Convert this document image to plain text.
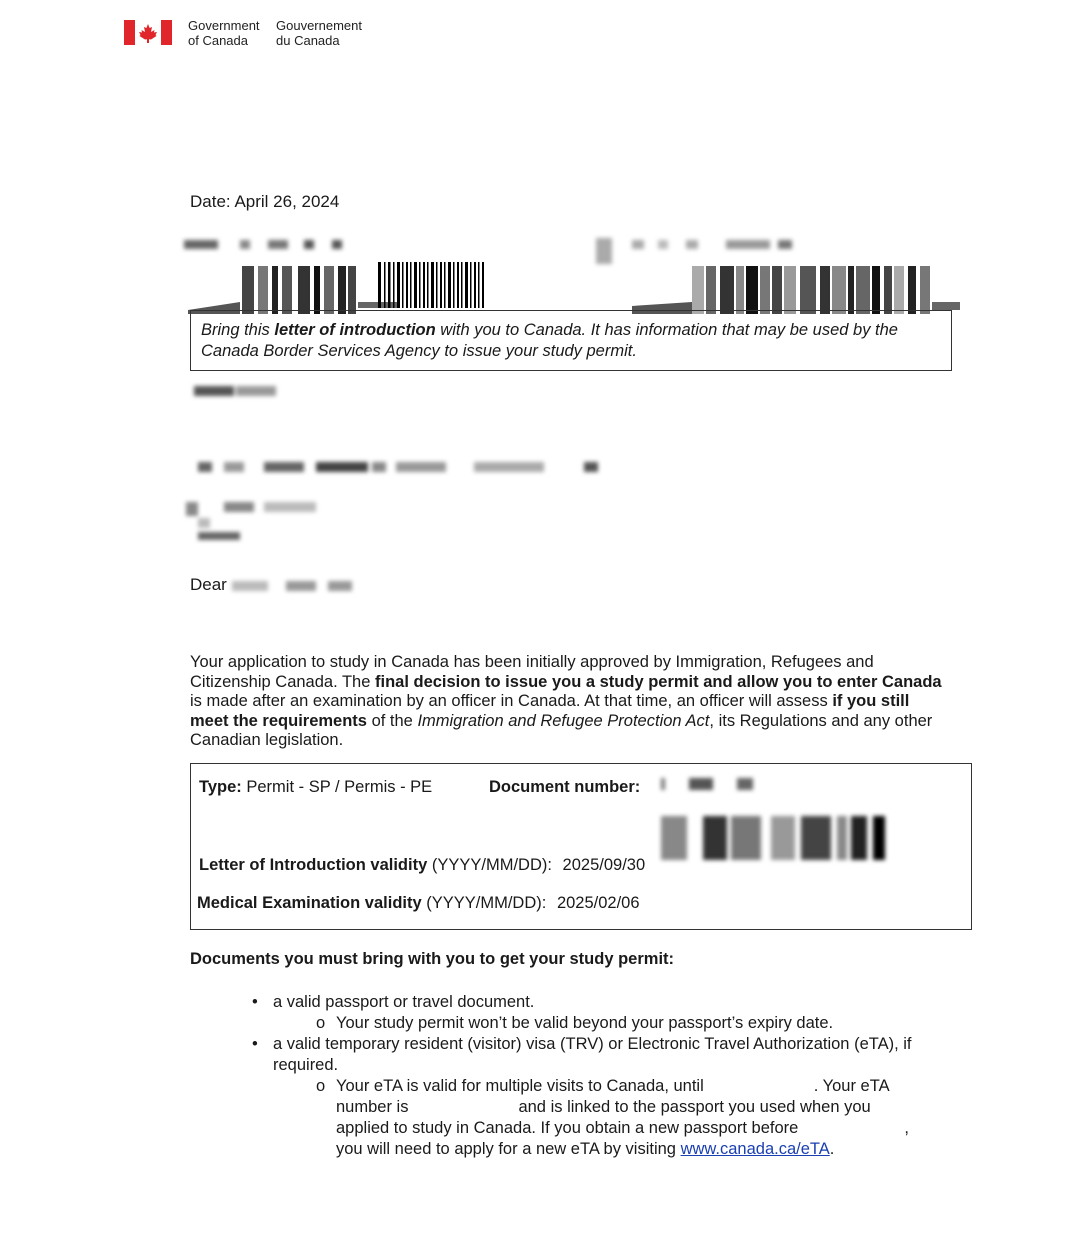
Government
of Canada
Gouvernement
du Canada
Date: April 26, 2024
Bring this letter of introduction with you to Canada. It has information that may be used by the Canada Border Services Agency to issue your study permit.
Dear
Your application to study in Canada has been initially approved by Immigration, Refugees and Citizenship Canada. The final decision to issue you a study permit and allow you to enter Canada is made after an examination by an officer in Canada. At that time, an officer will assess if you still meet the requirements of the Immigration and Refugee Protection Act, its Regulations and any other Canadian legislation.
Type: Permit - SP / Permis - PE	Document number:
Letter of Introduction validity (YYYY/MM/DD): 2025/09/30
Medical Examination validity (YYYY/MM/DD): 2025/02/06
Documents you must bring with you to get your study permit:
• a valid passport or travel document.
o Your study permit won’t be valid beyond your passport’s expiry date.
• a valid temporary resident (visitor) visa (TRV) or Electronic Travel Authorization (eTA), if required.
o Your eTA is valid for multiple visits to Canada, until	. Your eTA
number is	and is linked to the passport you used when you
applied to study in Canada. If you obtain a new passport before	,
you will need to apply for a new eTA by visiting www.canada.ca/eTA.
